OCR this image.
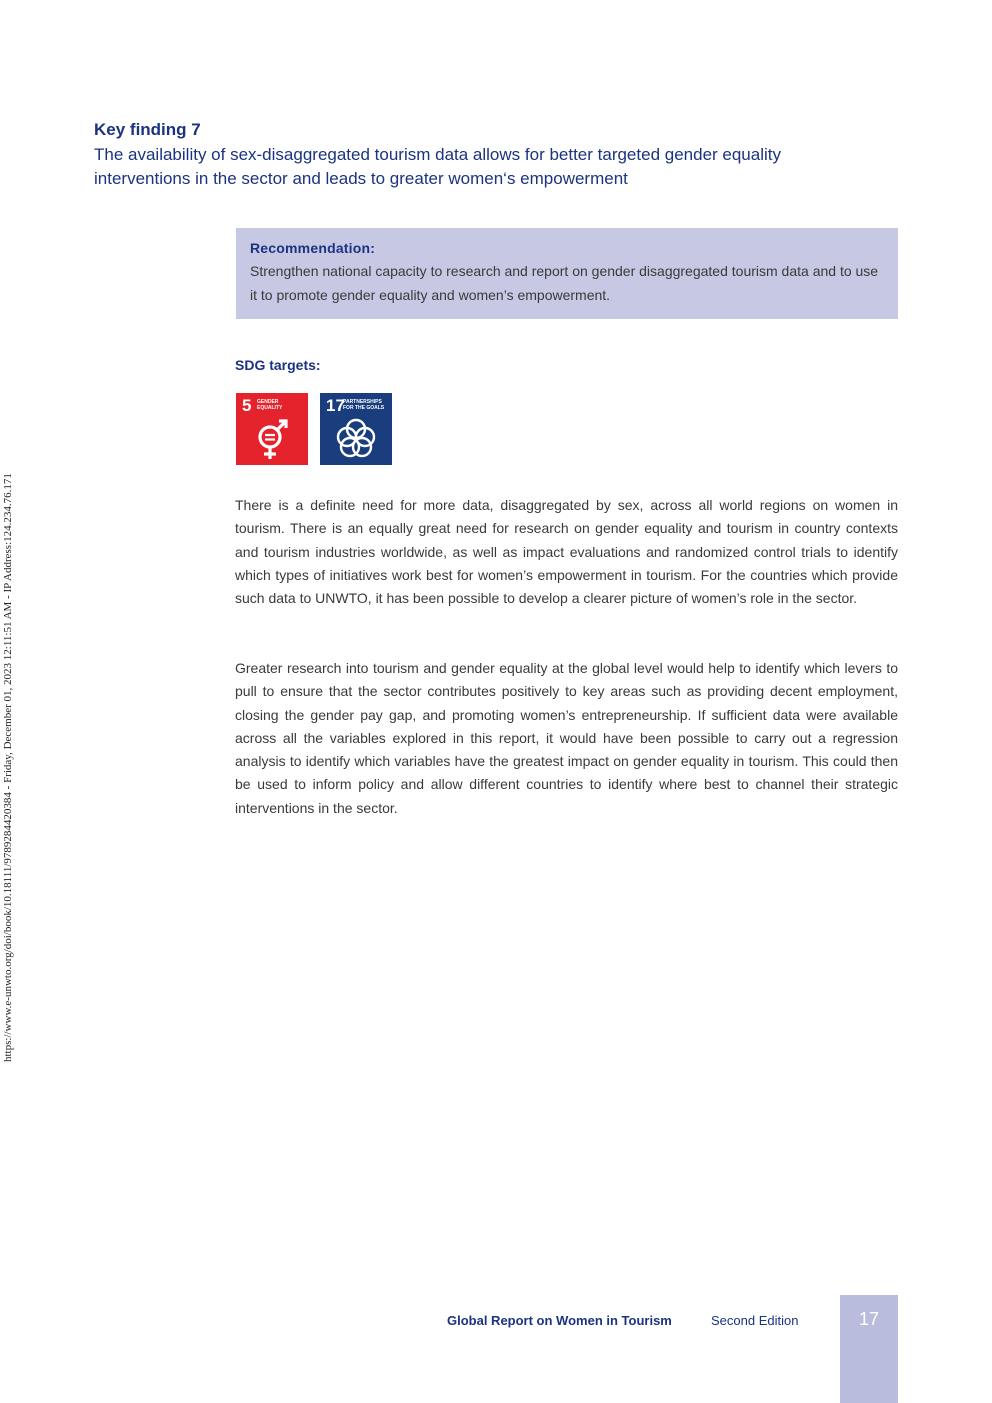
https://www.e-unwto.org/doi/book/10.18111/9789284420384 - Friday, December 01, 2023 12:11:51 AM - IP Address:124.234.76.171
Key finding 7
The availability of sex-disaggregated tourism data allows for better targeted gender equality interventions in the sector and leads to greater women‘s empowerment
Recommendation:
Strengthen national capacity to research and report on gender disaggregated tourism data and to use it to promote gender equality and women’s empowerment.
SDG targets:
5 GENDER EQUALITY	17
PARTNERSHIPS FOR THE GOALS

There is a definite need for more data, disaggregated by sex, across all world regions on women in tourism. There is an equally great need for research on gender equality and tourism in country contexts and tourism industries worldwide, as well as impact evaluations and randomized control trials to identify which types of initiatives work best for women’s empowerment in tourism. For the countries which provide such data to UNWTO, it has been possible to develop a clearer picture of women’s role in the sector.

Greater research into tourism and gender equality at the global level would help to identify which levers to pull to ensure that the sector contributes positively to key areas such as providing decent employment, closing the gender pay gap, and promoting women’s entrepreneurship. If sufficient data were available across all the variables explored in this report, it would have been possible to carry out a regression analysis to identify which variables have the greatest impact on gender equality in tourism. This could then be used to inform policy and allow different countries to identify where best to channel their strategic interventions in the sector.

Global Report on Women in Tourism	Second Edition	17
